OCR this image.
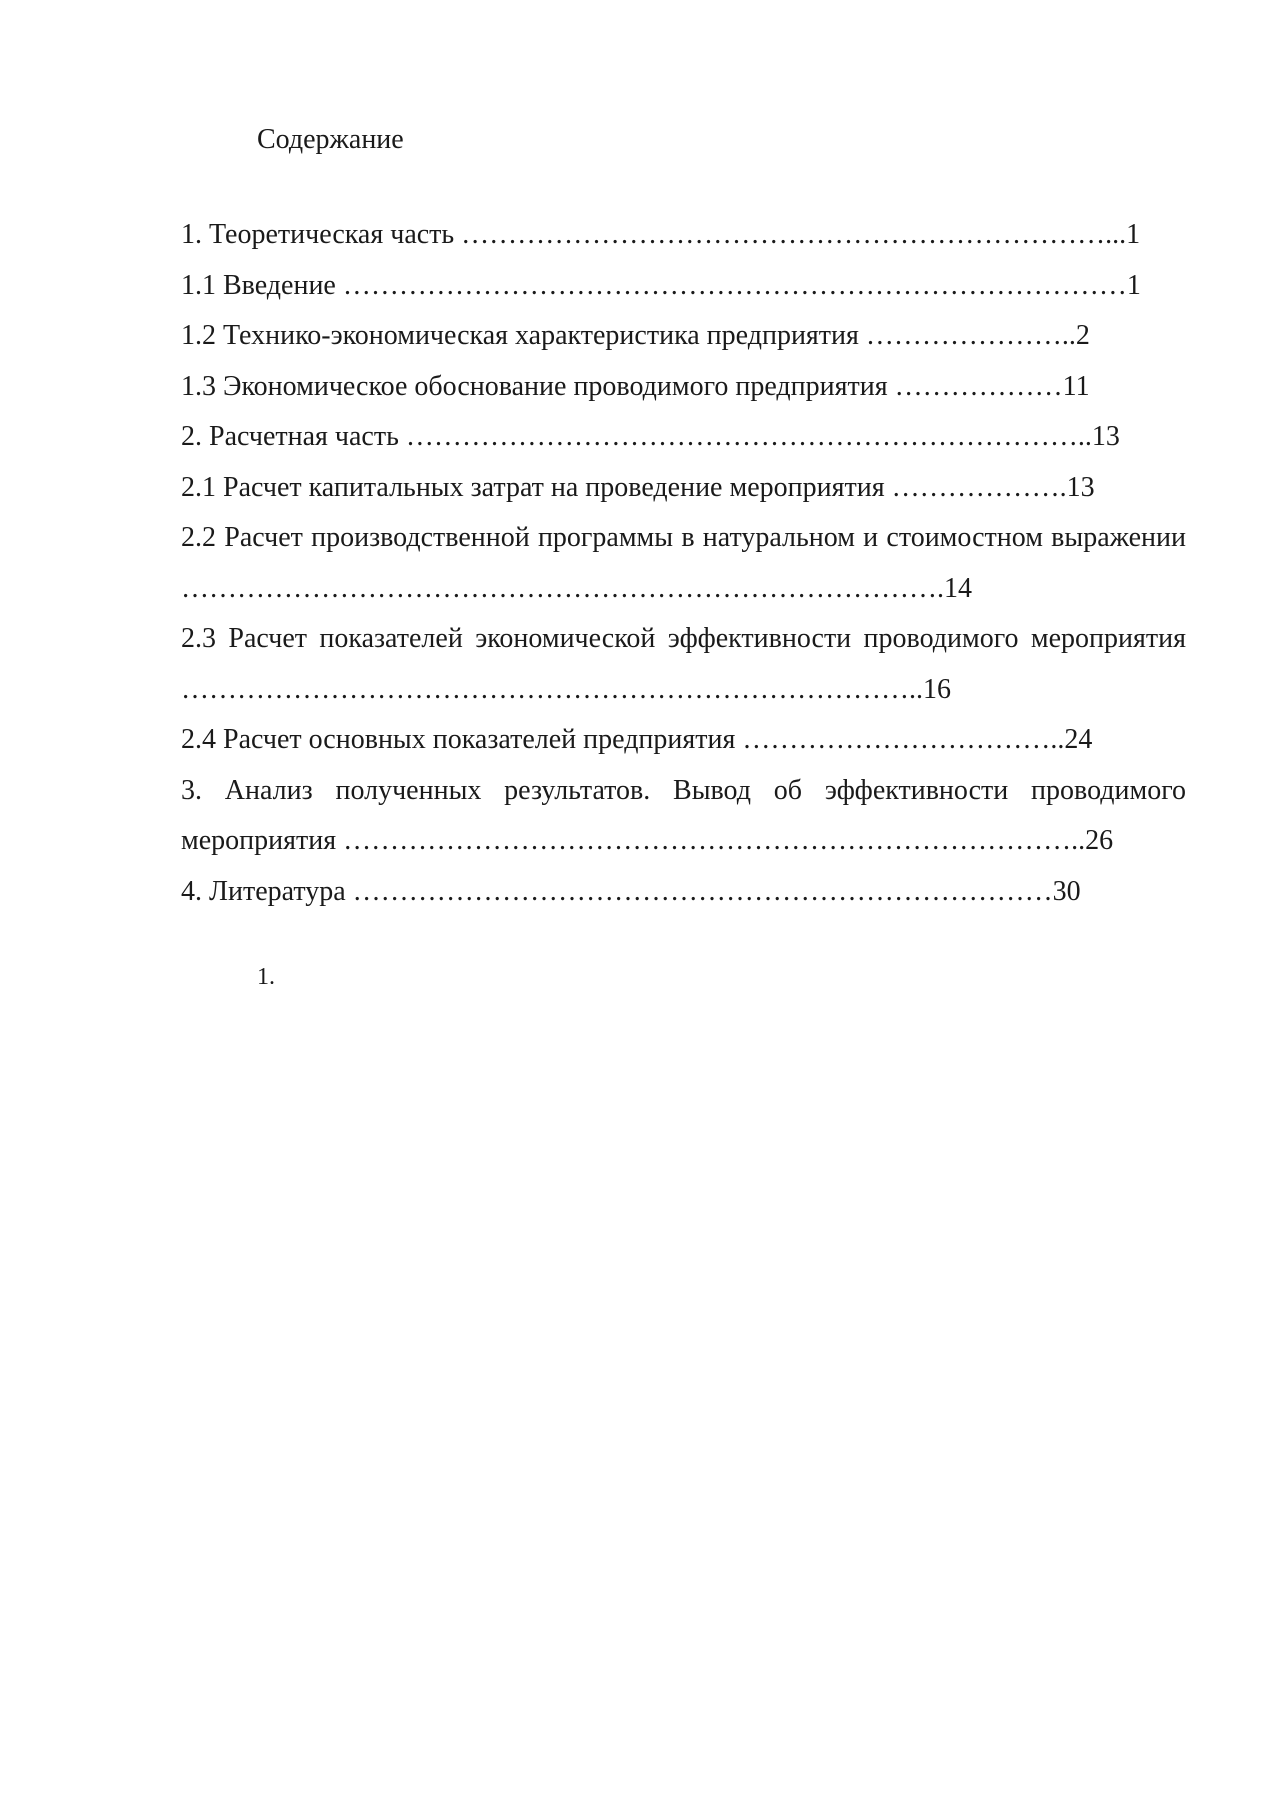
Содержание
1. Теоретическая часть ……………………………………………………………...1
1.1 Введение …………………………………………………………………………1
1.2 Технико-экономическая характеристика предприятия …………………..2
1.3 Экономическое обоснование проводимого предприятия ………………11
2. Расчетная часть ………………………………………………………………..13
2.1 Расчет капитальных затрат на проведение мероприятия ……………….13
2.2 Расчет производственной программы в натуральном и стоимостном выражении ……………………………………………………………………….14
2.3 Расчет показателей экономической эффективности проводимого мероприятия ……………………………………………………………………..16
2.4 Расчет основных показателей предприятия ……………………………..24
3. Анализ полученных результатов. Вывод об эффективности проводимого мероприятия ……………………………………………………………………..26
4. Литература …………………………………………………………………30
1.
